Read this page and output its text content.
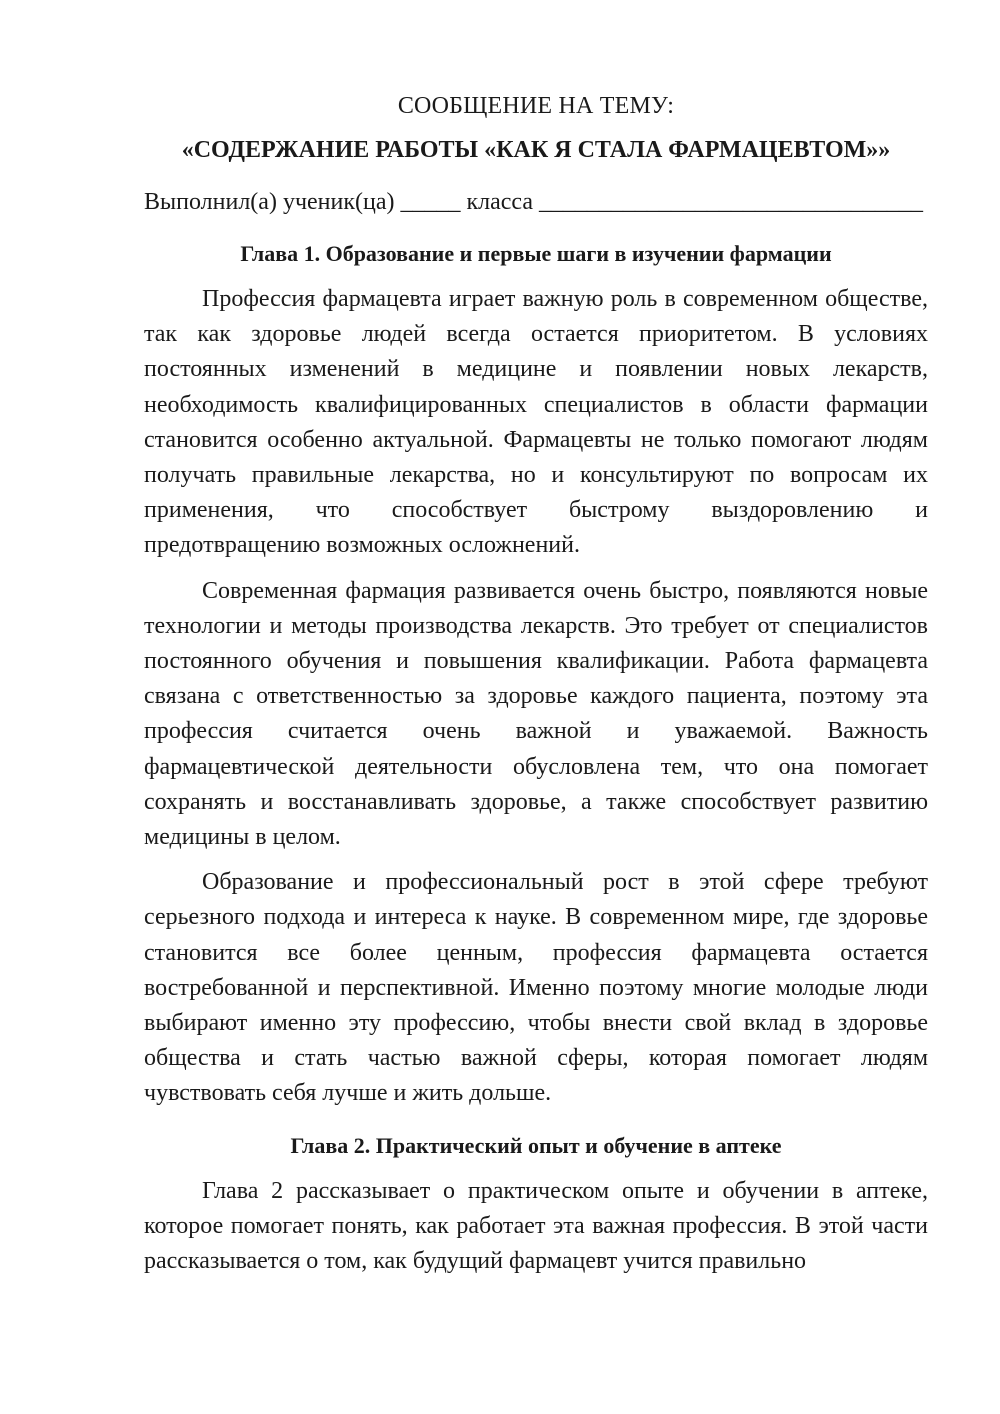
СООБЩЕНИЕ НА ТЕМУ:

«СОДЕРЖАНИЕ РАБОТЫ «КАК Я СТАЛА ФАРМАЦЕВТОМ»»

Выполнил(а) ученик(ца) _____ класса ________________________________

Глава 1. Образование и первые шаги в изучении фармации

Профессия фармацевта играет важную роль в современном обществе, так как здоровье людей всегда остается приоритетом. В условиях постоянных изменений в медицине и появлении новых лекарств, необходимость квалифицированных специалистов в области фармации становится особенно актуальной. Фармацевты не только помогают людям получать правильные лекарства, но и консультируют по вопросам их применения, что способствует быстрому выздоровлению и предотвращению возможных осложнений.

Современная фармация развивается очень быстро, появляются новые технологии и методы производства лекарств. Это требует от специалистов постоянного обучения и повышения квалификации. Работа фармацевта связана с ответственностью за здоровье каждого пациента, поэтому эта профессия считается очень важной и уважаемой. Важность фармацевтической деятельности обусловлена тем, что она помогает сохранять и восстанавливать здоровье, а также способствует развитию медицины в целом.

Образование и профессиональный рост в этой сфере требуют серьезного подхода и интереса к науке. В современном мире, где здоровье становится все более ценным, профессия фармацевта остается востребованной и перспективной. Именно поэтому многие молодые люди выбирают именно эту профессию, чтобы внести свой вклад в здоровье общества и стать частью важной сферы, которая помогает людям чувствовать себя лучше и жить дольше.

Глава 2. Практический опыт и обучение в аптеке

Глава 2 рассказывает о практическом опыте и обучении в аптеке, которое помогает понять, как работает эта важная профессия. В этой части рассказывается о том, как будущий фармацевт учится правильно
